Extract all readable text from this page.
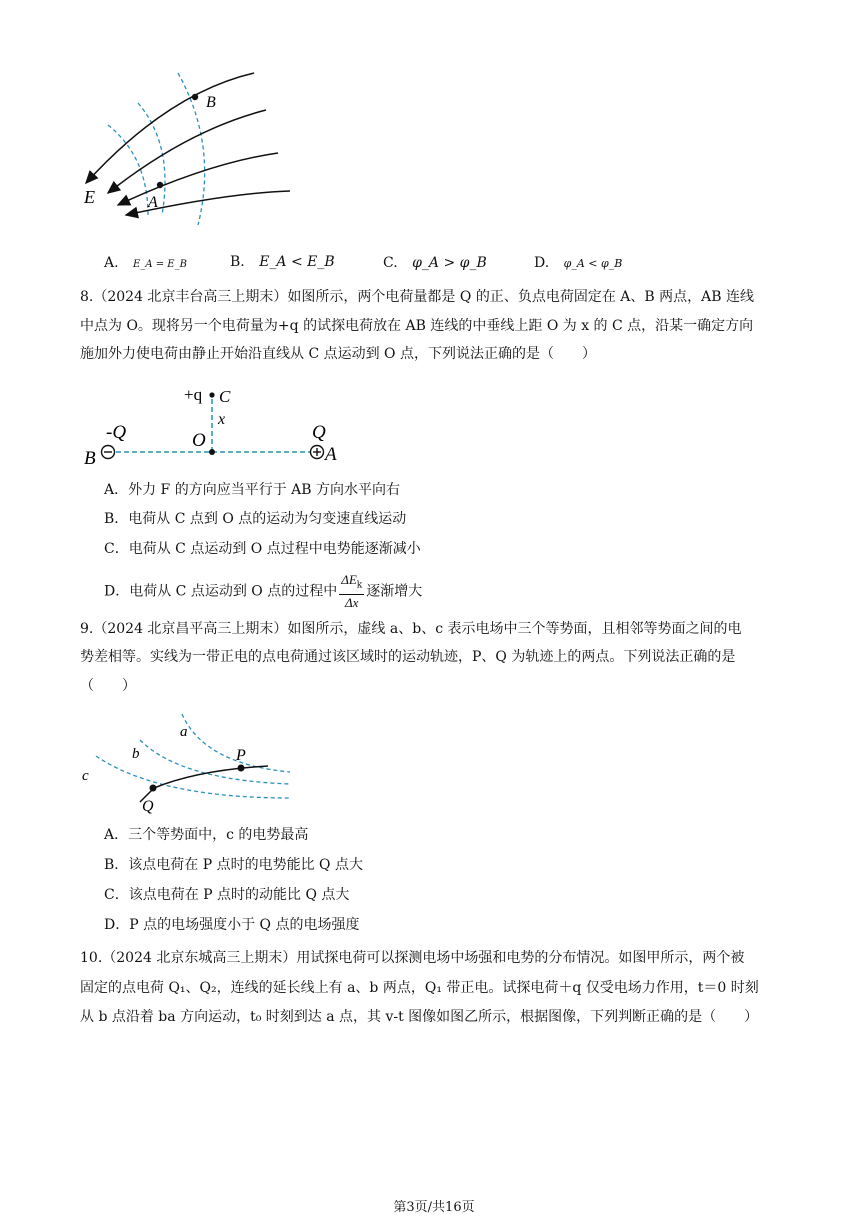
B
E	A
A. E_A = E_B	B. E_A < E_B	C. φ_A > φ_B	D. φ_A < φ_B
8.（2024 北京丰台高三上期末）如图所示，两个电荷量都是 Q 的正、负点电荷固定在 A、B 两点，AB 连线
中点为 O。现将另一个电荷量为+q 的试探电荷放在 AB 连线的中垂线上距 O 为 x 的 C 点，沿某一确定方向
施加外力使电荷由静止开始沿直线从 C 点运动到 O 点，下列说法正确的是（　　）
+q C
x
-Q	O	Q
B	A
A．外力 F 的方向应当平行于 AB 方向水平向右
B．电荷从 C 点到 O 点的运动为匀变速直线运动
C．电荷从 C 点运动到 O 点过程中电势能逐渐减小
D．电荷从 C 点运动到 O 点的过程中 $\frac{\Delta E_k}{\Delta x}$ 逐渐增大
9.（2024 北京昌平高三上期末）如图所示，虚线 a、b、c 表示电场中三个等势面，且相邻等势面之间的电
势差相等。实线为一带正电的点电荷通过该区域时的运动轨迹，P、Q 为轨迹上的两点。下列说法正确的是
（　　）
a
b
c
P
Q
A．三个等势面中，c 的电势最高
B．该点电荷在 P 点时的电势能比 Q 点大
C．该点电荷在 P 点时的动能比 Q 点大
D．P 点的电场强度小于 Q 点的电场强度
10.（2024 北京东城高三上期末）用试探电荷可以探测电场中场强和电势的分布情况。如图甲所示，两个被
固定的点电荷 Q₁、Q₂，连线的延长线上有 a、b 两点，Q₁ 带正电。试探电荷＋q 仅受电场力作用，t＝0 时刻
从 b 点沿着 ba 方向运动，t₀ 时刻到达 a 点，其 v-t 图像如图乙所示，根据图像，下列判断正确的是（　　）
第3页/共16页
